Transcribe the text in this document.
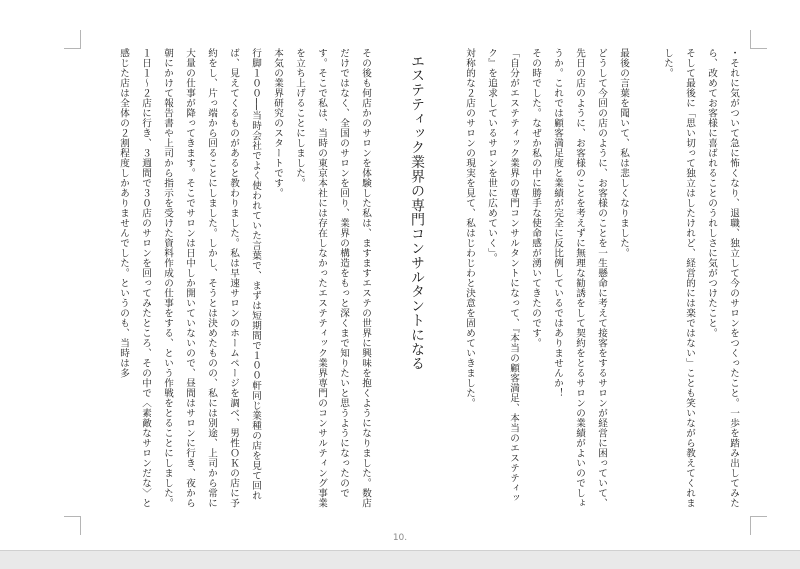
・それに気がついて急に怖くなり、退職、独立して今のサロンをつくったこと。一歩を踏み出してみたら、改めてお客様に喜ばれることのうれしさに気がつけたこと。

そして最後に「思い切って独立はしたけれど、経営的には楽ではない」ことも笑いながら教えてくれました。

最後の言葉を聞いて、私は悲しくなりました。

どうして今回の店のように、お客様のことを一生懸命に考えて接客をするサロンが経営に困っていて、先日の店のように、お客様のことを考えずに無理な勧誘をして契約をとるサロンの業績がよいのでしょうか。これでは顧客満足度と業績が完全に反比例しているではありませんか！

その時でした。なぜか私の中に勝手な使命感が湧いてきたのです。

「自分がエステティック業界の専門コンサルタントになって、『本当の顧客満足、本当のエステティック』を追求しているサロンを世に広めていく」。

対称的な２店のサロンの現実を見て、私はじわじわと決意を固めていきました。

エステティック業界の専門コンサルタントになる

その後も何店かのサロンを体験した私は、ますますエステの世界に興味を抱くようになりました。数店だけではなく、全国のサロンを回り、業界の構造をもっと深くまで知りたいと思うようになったのです。そこで私は、当時の東京本社には存在しなかったエステティック業界専門のコンサルティング事業を立ち上げることにしました。

本気の業界研究のスタートです。

行脚１００──当時会社でよく使われていた言葉で、まずは短期間で１００軒同じ業種の店を見て回れば、見えてくるものがあると教わりました。私は早速サロンのホームページを調べ、男性ＯＫの店に予約をし、片っ端から回ることにしました。しかし、そうとは決めたものの、私には別途、上司から常に大量の仕事が降ってきます。そこでサロンは日中しか開いていないので、昼間はサロンに行き、夜から朝にかけて報告書や上司から指示を受けた資料作成の仕事をする、という作戦をとることにしました。

１日１～２店に行き、３週間で３０店のサロンを回ってみたところ、その中で〈素敵なサロンだな〉と感じた店は全体の２割程度しかありませんでした。というのも、当時は多

10.
